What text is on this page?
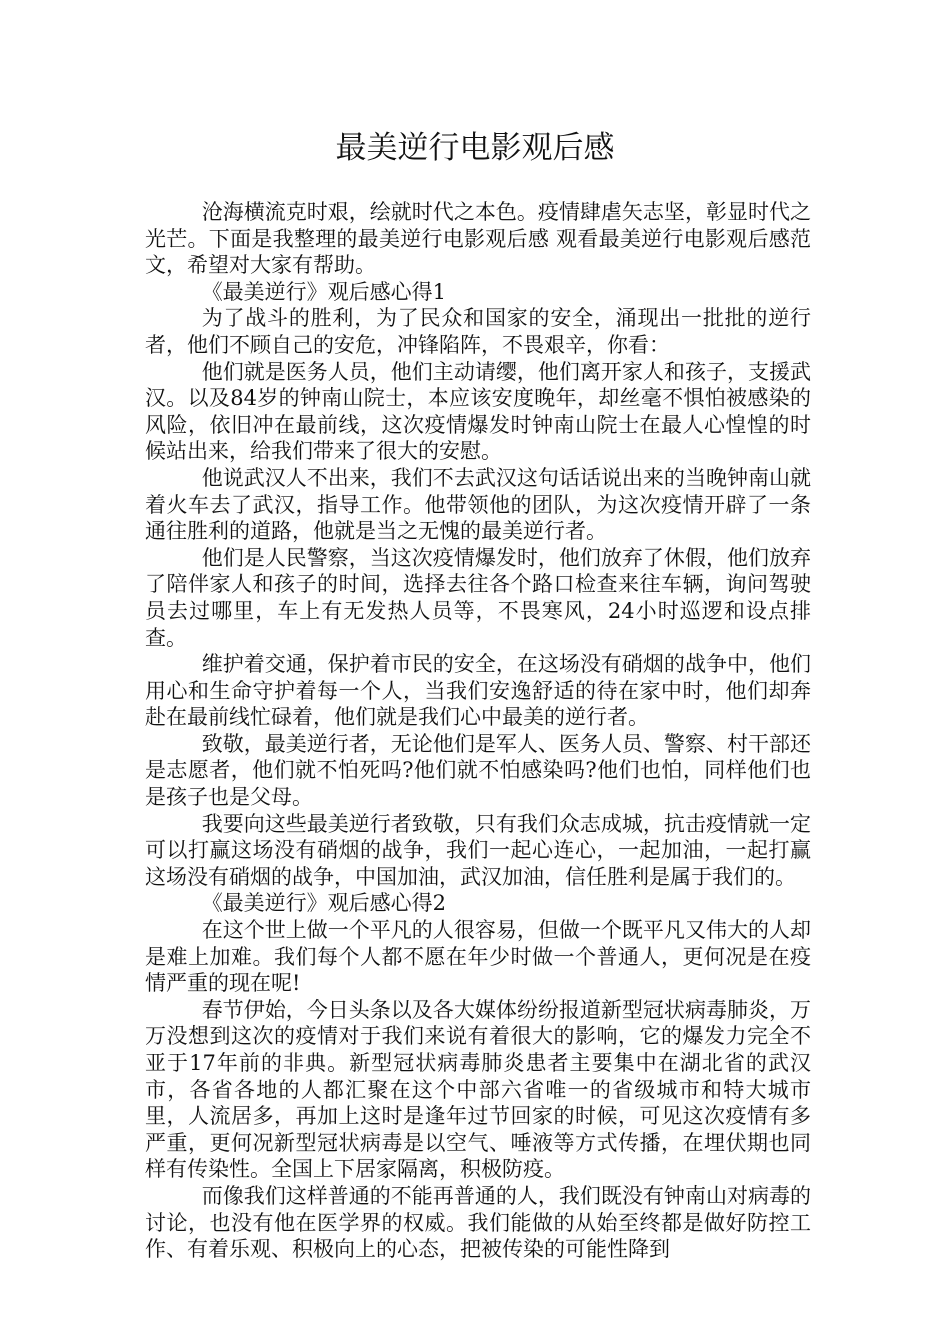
最美逆行电影观后感

沧海横流克时艰，绘就时代之本色。疫情肆虐矢志坚，彰显时代之光芒。下面是我整理的最美逆行电影观后感 观看最美逆行电影观后感范文，希望对大家有帮助。

《最美逆行》观后感心得1

为了战斗的胜利，为了民众和国家的安全，涌现出一批批的逆行者，他们不顾自己的安危，冲锋陷阵，不畏艰辛，你看：

他们就是医务人员，他们主动请缨，他们离开家人和孩子，支援武汉。以及84岁的钟南山院士，本应该安度晚年，却丝毫不惧怕被感染的风险，依旧冲在最前线，这次疫情爆发时钟南山院士在最人心惶惶的时候站出来，给我们带来了很大的安慰。

他说武汉人不出来，我们不去武汉这句话话说出来的当晚钟南山就着火车去了武汉，指导工作。他带领他的团队，为这次疫情开辟了一条通往胜利的道路，他就是当之无愧的最美逆行者。

他们是人民警察，当这次疫情爆发时，他们放弃了休假，他们放弃了陪伴家人和孩子的时间，选择去往各个路口检查来往车辆，询问驾驶员去过哪里，车上有无发热人员等，不畏寒风，24小时巡逻和设点排查。

维护着交通，保护着市民的安全，在这场没有硝烟的战争中，他们用心和生命守护着每一个人，当我们安逸舒适的待在家中时，他们却奔赴在最前线忙碌着，他们就是我们心中最美的逆行者。

致敬，最美逆行者，无论他们是军人、医务人员、警察、村干部还是志愿者，他们就不怕死吗?他们就不怕感染吗?他们也怕，同样他们也是孩子也是父母。

我要向这些最美逆行者致敬，只有我们众志成城，抗击疫情就一定可以打赢这场没有硝烟的战争，我们一起心连心，一起加油，一起打赢这场没有硝烟的战争，中国加油，武汉加油，信任胜利是属于我们的。

《最美逆行》观后感心得2

在这个世上做一个平凡的人很容易，但做一个既平凡又伟大的人却是难上加难。我们每个人都不愿在年少时做一个普通人，更何况是在疫情严重的现在呢!

春节伊始，今日头条以及各大媒体纷纷报道新型冠状病毒肺炎，万万没想到这次的疫情对于我们来说有着很大的影响，它的爆发力完全不亚于17年前的非典。新型冠状病毒肺炎患者主要集中在湖北省的武汉市，各省各地的人都汇聚在这个中部六省唯一的省级城市和特大城市里，人流居多，再加上这时是逢年过节回家的时候，可见这次疫情有多严重，更何况新型冠状病毒是以空气、唾液等方式传播，在埋伏期也同样有传染性。全国上下居家隔离，积极防疫。

而像我们这样普通的不能再普通的人，我们既没有钟南山对病毒的讨论，也没有他在医学界的权威。我们能做的从始至终都是做好防控工作、有着乐观、积极向上的心态，把被传染的可能性降到
